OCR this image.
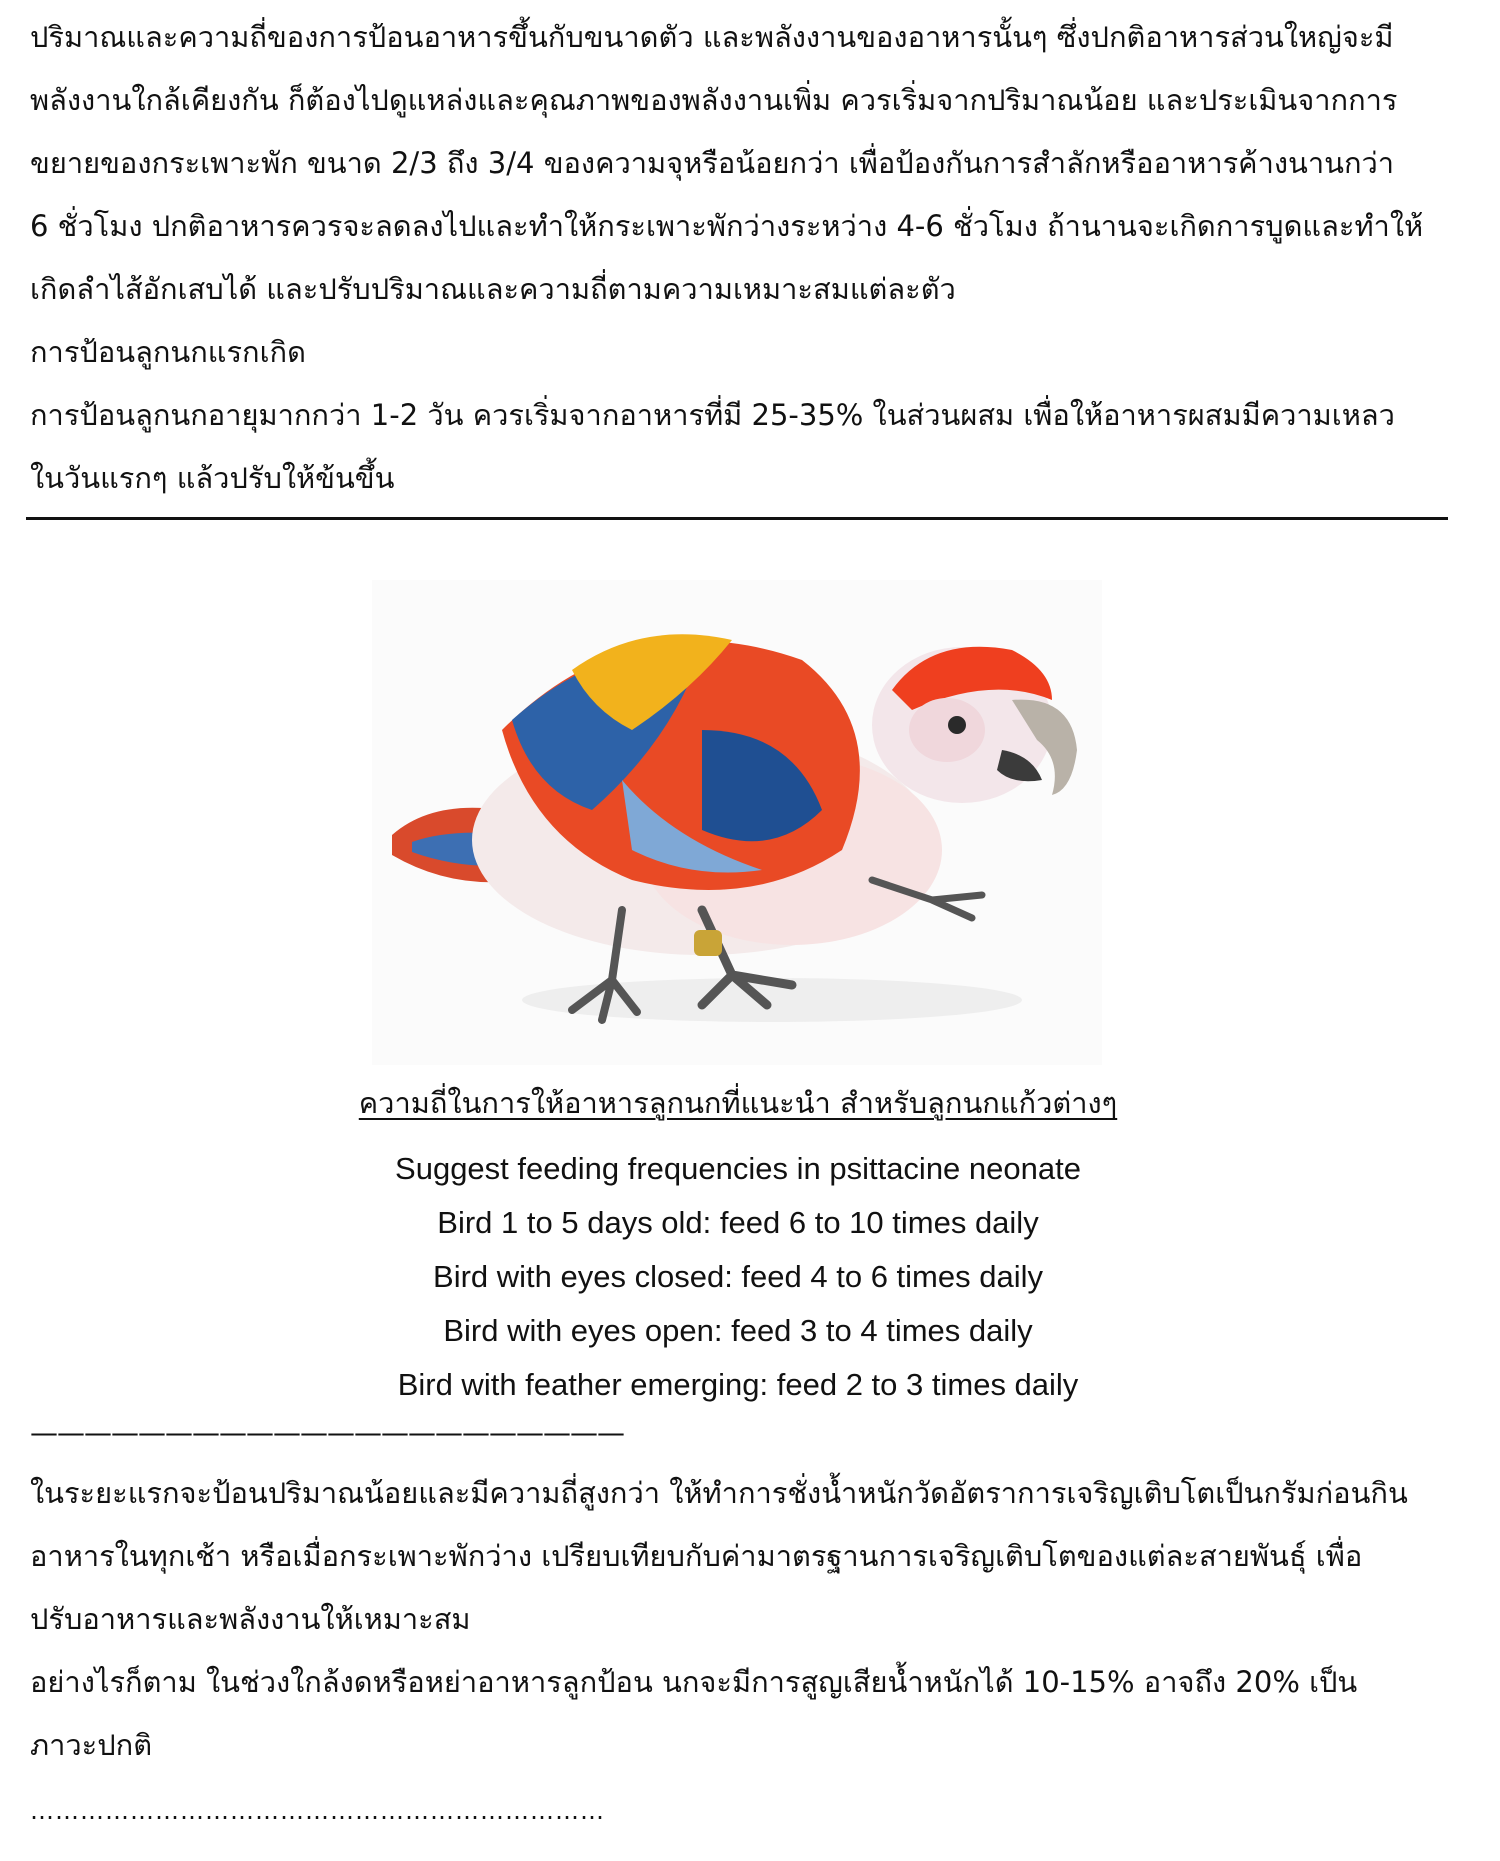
ปริมาณและความถี่ของการป้อนอาหารขึ้นกับขนาดตัว และพลังงานของอาหารนั้นๆ ซึ่งปกติอาหารส่วนใหญ่จะมี
พลังงานใกล้เคียงกัน ก็ต้องไปดูแหล่งและคุณภาพของพลังงานเพิ่ม ควรเริ่มจากปริมาณน้อย และประเมินจากการ
ขยายของกระเพาะพัก ขนาด 2/3 ถึง 3/4 ของความจุหรือน้อยกว่า เพื่อป้องกันการสำลักหรืออาหารค้างนานกว่า
6 ชั่วโมง ปกติอาหารควรจะลดลงไปและทำให้กระเพาะพักว่างระหว่าง 4-6 ชั่วโมง ถ้านานจะเกิดการบูดและทำให้
เกิดลำไส้อักเสบได้ และปรับปริมาณและความถี่ตามความเหมาะสมแต่ละตัว
การป้อนลูกนกแรกเกิด
การป้อนลูกนกอายุมากกว่า 1-2 วัน ควรเริ่มจากอาหารที่มี 25-35% ในส่วนผสม เพื่อให้อาหารผสมมีความเหลว
ในวันแรกๆ แล้วปรับให้ข้นขึ้น
ความถี่ในการให้อาหารลูกนกที่แนะนำ สำหรับลูกนกแก้วต่างๆ
Suggest feeding frequencies in psittacine neonate
Bird 1 to 5 days old: feed 6 to 10 times daily
Bird with eyes closed: feed 4 to 6 times daily
Bird with eyes open: feed 3 to 4 times daily
Bird with feather emerging: feed 2 to 3 times daily
——————————————————————
ในระยะแรกจะป้อนปริมาณน้อยและมีความถี่สูงกว่า ให้ทำการชั่งน้ำหนักวัดอัตราการเจริญเติบโตเป็นกรัมก่อนกิน
อาหารในทุกเช้า หรือเมื่อกระเพาะพักว่าง เปรียบเทียบกับค่ามาตรฐานการเจริญเติบโตของแต่ละสายพันธุ์ เพื่อ
ปรับอาหารและพลังงานให้เหมาะสม
อย่างไรก็ตาม ในช่วงใกล้งดหรือหย่าอาหารลูกป้อน นกจะมีการสูญเสียน้ำหนักได้ 10-15% อาจถึง 20% เป็น
ภาวะปกติ
……………………………………………………………
